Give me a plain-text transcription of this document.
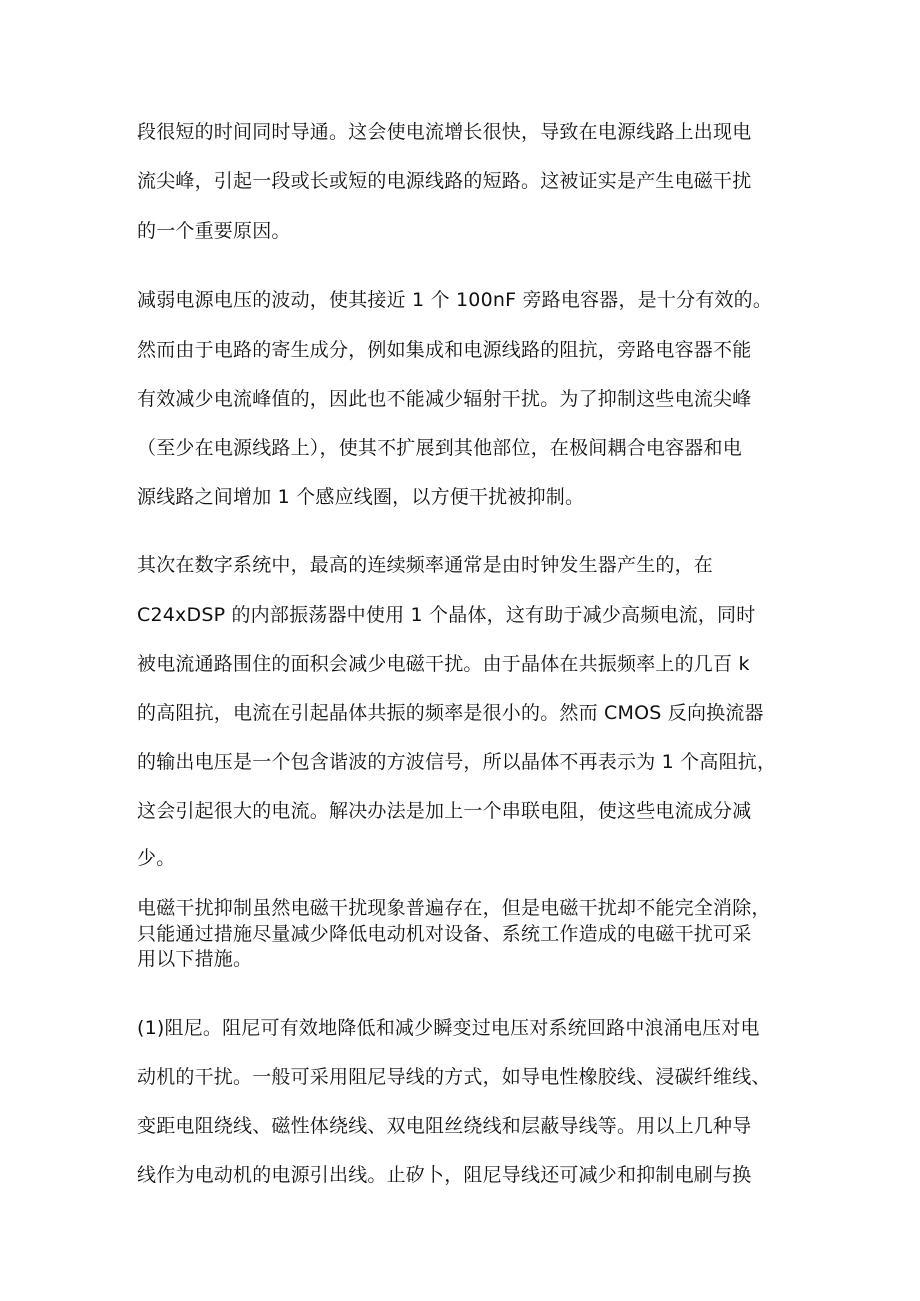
段很短的时间同时导通。这会使电流增长很快，导致在电源线路上出现电
流尖峰，引起一段或长或短的电源线路的短路。这被证实是产生电磁干扰
的一个重要原因。
减弱电源电压的波动，使其接近 1 个 100nF 旁路电容器，是十分有效的。
然而由于电路的寄生成分，例如集成和电源线路的阻抗，旁路电容器不能
有效减少电流峰值的，因此也不能减少辐射干扰。为了抑制这些电流尖峰
（至少在电源线路上），使其不扩展到其他部位，在极间耦合电容器和电
源线路之间增加 1 个感应线圈，以方便干扰被抑制。
其次在数字系统中，最高的连续频率通常是由时钟发生器产生的，在
C24xDSP 的内部振荡器中使用 1 个晶体，这有助于减少高频电流，同时
被电流通路围住的面积会减少电磁干扰。由于晶体在共振频率上的几百 k
的高阻抗，电流在引起晶体共振的频率是很小的。然而 CMOS 反向换流器
的输出电压是一个包含谐波的方波信号，所以晶体不再表示为 1 个高阻抗，
这会引起很大的电流。解决办法是加上一个串联电阻，使这些电流成分减
少。
电磁干扰抑制虽然电磁干扰现象普遍存在，但是电磁干扰却不能完全消除，
只能通过措施尽量减少降低电动机对设备、系统工作造成的电磁干扰可采
用以下措施。
(1)阻尼。阻尼可有效地降低和减少瞬变过电压对系统回路中浪涌电压对电
动机的干扰。一般可采用阻尼导线的方式，如导电性橡胶线、浸碳纤维线、
变距电阻绕线、磁性体绕线、双电阻丝绕线和层蔽导线等。用以上几种导
线作为电动机的电源引出线。止矽卜，阻尼导线还可减少和抑制电刷与换
